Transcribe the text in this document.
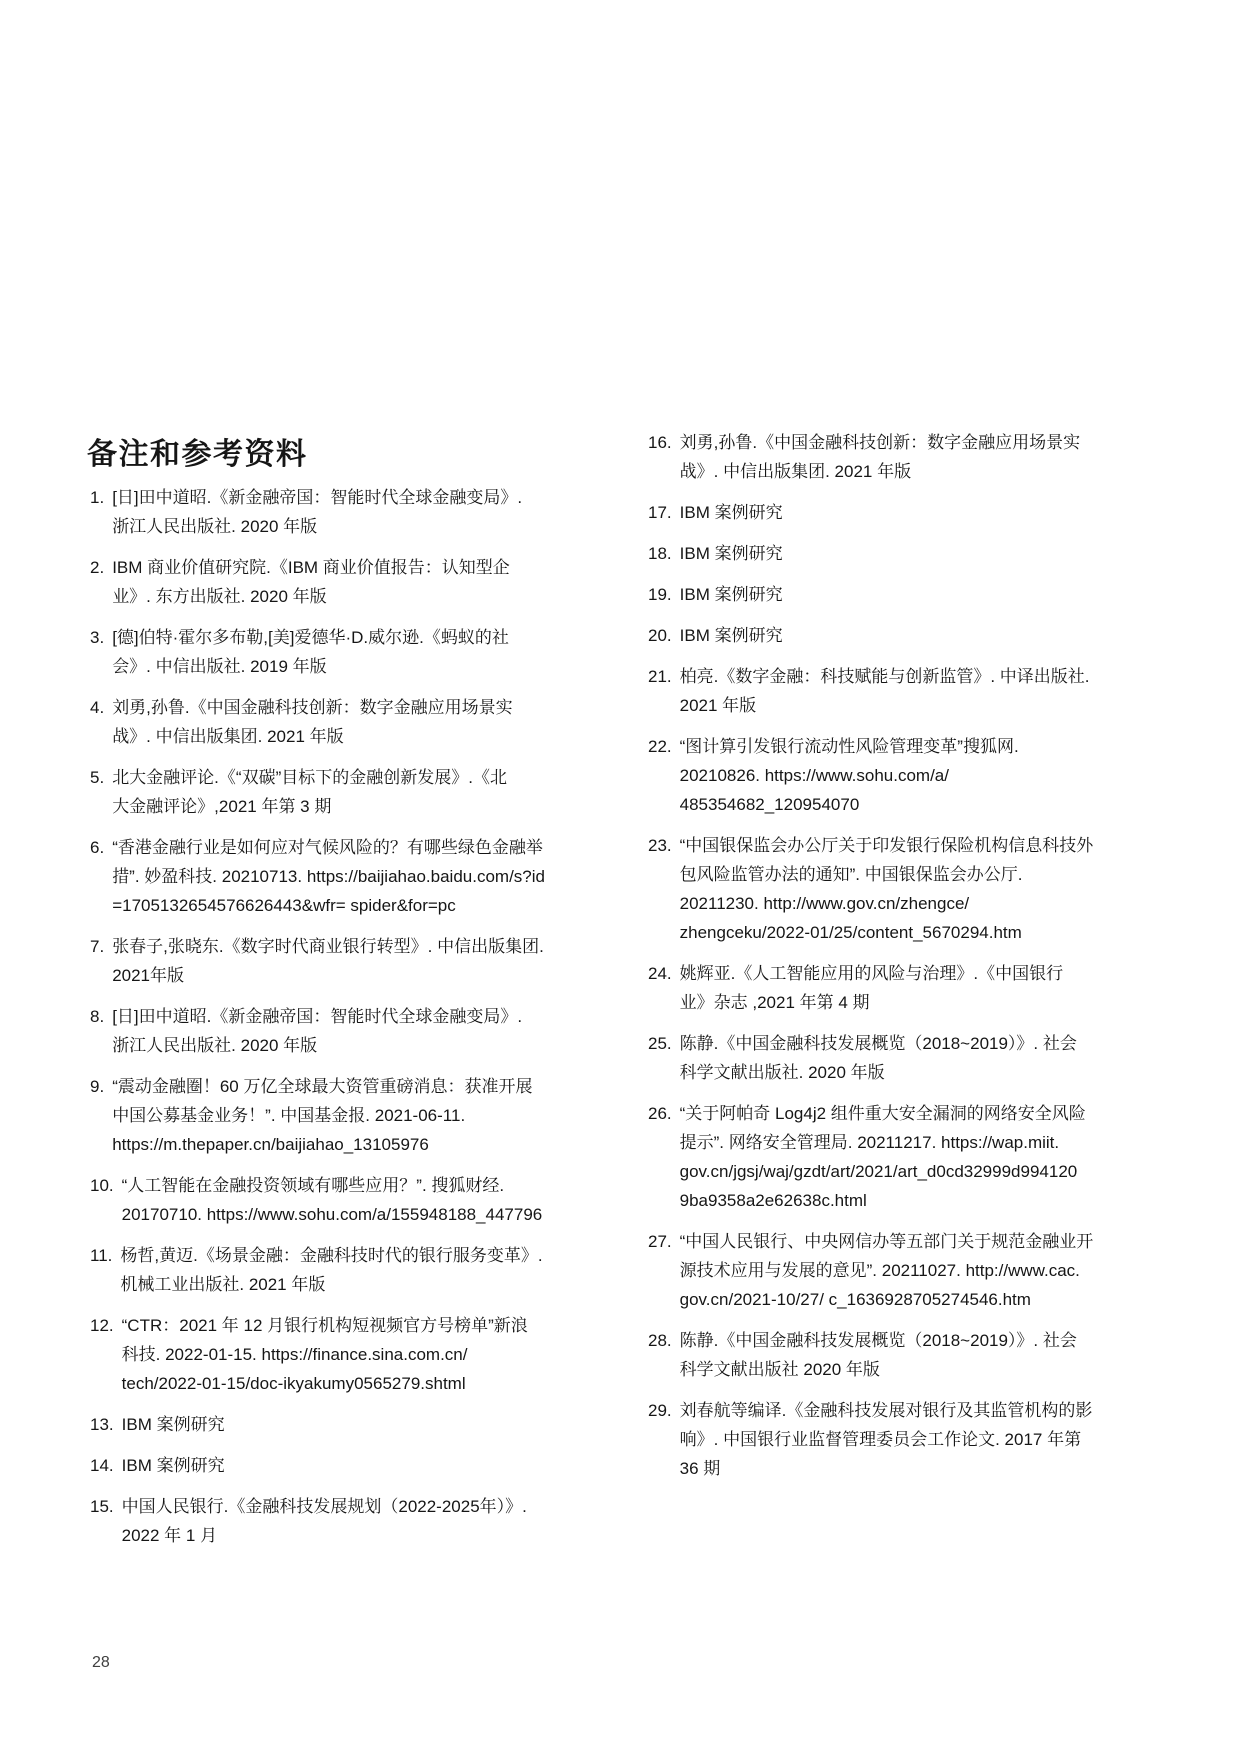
备注和参考资料
1. [日]田中道昭.《新金融帝国：智能时代全球金融变局》.
浙江人民出版社. 2020 年版
2. IBM 商业价值研究院.《IBM 商业价值报告：认知型企
业》. 东方出版社. 2020 年版
3. [德]伯特·霍尔多布勒,[美]爱德华·D.威尔逊.《蚂蚁的社
会》. 中信出版社. 2019 年版
4. 刘勇,孙鲁.《中国金融科技创新：数字金融应用场景实
战》. 中信出版集团. 2021 年版
5. 北大金融评论.《“双碳”目标下的金融创新发展》.《北
大金融评论》,2021 年第 3 期
6. “香港金融行业是如何应对气候风险的？有哪些绿色金融举
措”. 妙盈科技. 20210713. https://baijiahao.baidu.com/s?id
=1705132654576626443&wfr= spider&for=pc
7. 张春子,张晓东.《数字时代商业银行转型》. 中信出版集团.
2021年版
8. [日]田中道昭.《新金融帝国：智能时代全球金融变局》.
浙江人民出版社. 2020 年版
9. “震动金融圈！60 万亿全球最大资管重磅消息：获准开展
中国公募基金业务！”. 中国基金报. 2021-06-11.
https://m.thepaper.cn/baijiahao_13105976
10. “人工智能在金融投资领域有哪些应用？”. 搜狐财经.
20170710. https://www.sohu.com/a/155948188_447796
11. 杨哲,黄迈.《场景金融：金融科技时代的银行服务变革》.
机械工业出版社. 2021 年版
12. “CTR：2021 年 12 月银行机构短视频官方号榜单”新浪
科技. 2022-01-15. https://finance.sina.com.cn/
tech/2022-01-15/doc-ikyakumy0565279.shtml
13. IBM 案例研究
14. IBM 案例研究
15. 中国人民银行.《金融科技发展规划（2022-2025年）》.
2022 年 1 月
16. 刘勇,孙鲁.《中国金融科技创新：数字金融应用场景实
战》. 中信出版集团. 2021 年版
17. IBM 案例研究
18. IBM 案例研究
19. IBM 案例研究
20. IBM 案例研究
21. 柏亮.《数字金融：科技赋能与创新监管》. 中译出版社.
2021 年版
22. “图计算引发银行流动性风险管理变革”搜狐网.
20210826. https://www.sohu.com/a/
485354682_120954070
23. “中国银保监会办公厅关于印发银行保险机构信息科技外
包风险监管办法的通知”. 中国银保监会办公厅.
20211230. http://www.gov.cn/zhengce/
zhengceku/2022-01/25/content_5670294.htm
24. 姚辉亚.《人工智能应用的风险与治理》.《中国银行
业》杂志 ,2021 年第 4 期
25. 陈静.《中国金融科技发展概览（2018~2019）》. 社会
科学文献出版社. 2020 年版
26. “关于阿帕奇 Log4j2 组件重大安全漏洞的网络安全风险
提示”. 网络安全管理局. 20211217. https://wap.miit.
gov.cn/jgsj/waj/gzdt/art/2021/art_d0cd32999d994120
9ba9358a2e62638c.html
27. “中国人民银行、中央网信办等五部门关于规范金融业开
源技术应用与发展的意见”. 20211027. http://www.cac.
gov.cn/2021-10/27/ c_1636928705274546.htm
28. 陈静.《中国金融科技发展概览（2018~2019）》. 社会
科学文献出版社 2020 年版
29. 刘春航等编译.《金融科技发展对银行及其监管机构的影
响》. 中国银行业监督管理委员会工作论文. 2017 年第
36 期
28
